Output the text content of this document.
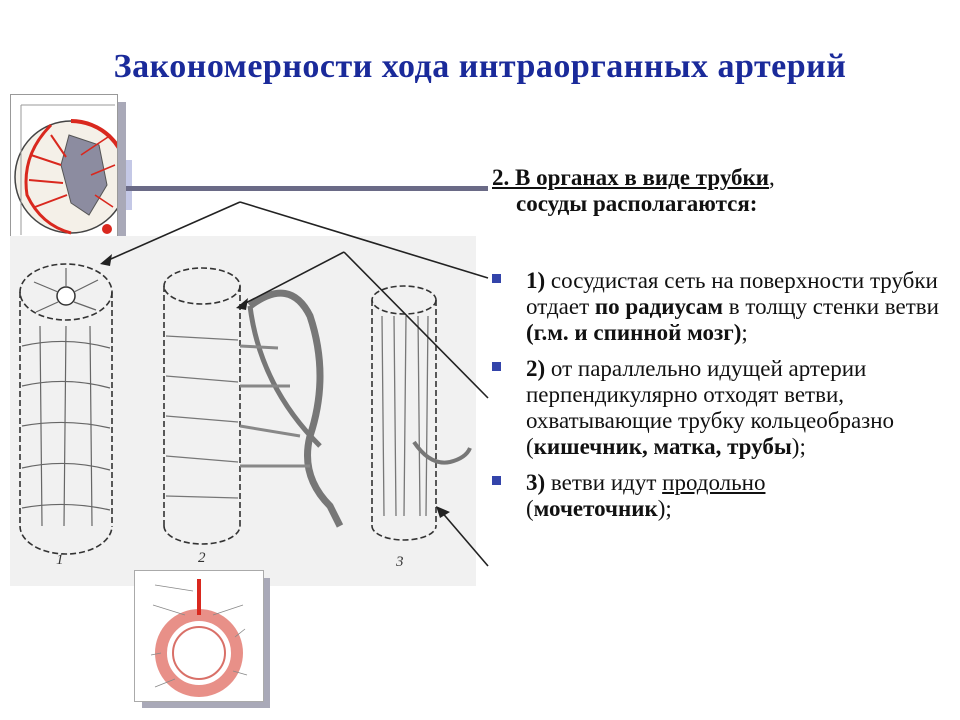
Закономерности хода интраорганных артерий
1	2	3
2. В органах в виде трубки,
сосуды располагаются:
1) сосудистая сеть на поверхности трубки отдает по радиусам в толщу стенки ветви (г.м. и спинной мозг);
2) от параллельно идущей артерии перпендикулярно отходят ветви, охватывающие трубку кольцеобразно (кишечник, матка, трубы);
3) ветви идут продольно
(мочеточник);
